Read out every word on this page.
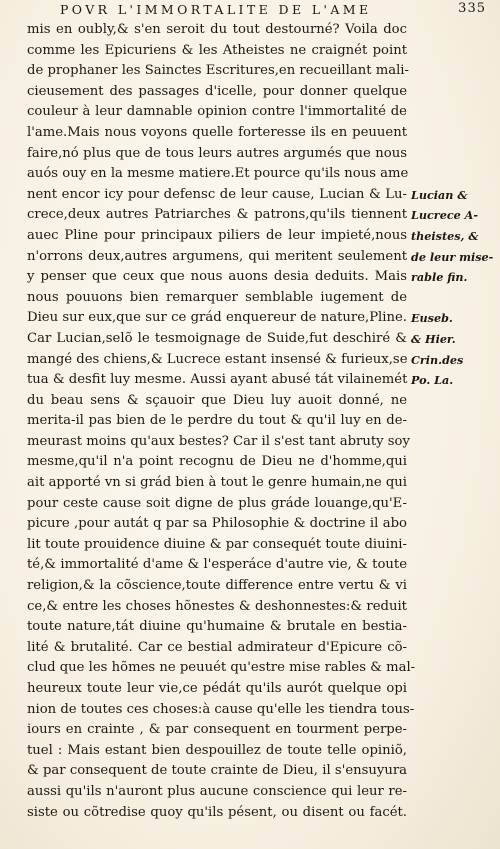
POVR L'IMMORTALITE DE L'AME	335
mis en oubly,& s'en seroit du tout destourné? Voila doc
comme les Epicuriens & les Atheistes ne craignét point
de prophaner les Sainctes Escritures,en recueillant mali-
cieusement des passages d'icelle, pour donner quelque
couleur à leur damnable opinion contre l'immortalité de
l'ame.Mais nous voyons quelle forteresse ils en peuuent
faire,nó plus que de tous leurs autres argumés que nous
auós ouy en la mesme matiere.Et pource qu'ils nous ame
nent encor icy pour defensc de leur cause, Lucian & Lu-
crece,deux autres Patriarches & patrons,qu'ils tiennent
auec Pline pour principaux piliers de leur impieté,nous
n'orrons deux,autres argumens, qui meritent seulement
y penser que ceux que nous auons desia deduits. Mais
nous pouuons bien remarquer semblable iugement de
Dieu sur eux,que sur ce grád enquereur de nature,Pline.
Car Lucian,selõ le tesmoignage de Suide,fut deschiré &
mangé des chiens,& Lucrece estant insensé & furieux,se
tua & desfit luy mesme. Aussi ayant abusé tát vilainemét
du beau sens & sçauoir que Dieu luy auoit donné, ne
merita-il pas bien de le perdre du tout & qu'il luy en de-
meurast moins qu'aux bestes? Car il s'est tant abruty soy
mesme,qu'il n'a point recognu de Dieu ne d'homme,qui
ait apporté vn si grád bien à tout le genre humain,ne qui
pour ceste cause soit digne de plus gráde louange,qu'E-
picure ,pour autát q par sa Philosophie & doctrine il abo
lit toute prouidence diuine & par consequét toute diuini-
té,& immortalité d'ame & l'esperáce d'autre vie, & toute
religion,& la cõscience,toute difference entre vertu & vi
ce,& entre les choses hõnestes & deshonnestes:& reduit
toute nature,tát diuine qu'humaine & brutale en bestia-
lité & brutalité. Car ce bestial admirateur d'Epicure cõ-
clud que les hõmes ne peuuét qu'estre mise rables & mal-
heureux toute leur vie,ce pédát qu'ils aurót quelque opi
nion de toutes ces choses:à cause qu'elle les tiendra tous-
iours en crainte , & par consequent en tourment perpe-
tuel : Mais estant bien despouillez de toute telle opiniõ,
& par consequent de toute crainte de Dieu, il s'ensuyura
aussi qu'ils n'auront plus aucune conscience qui leur re-
siste ou cõtredise quoy qu'ils pésent, ou disent ou facét.
Lucian &
Lucrece A-
theistes, &
de leur mise-
rable fin.
Euseb.
& Hier.
Crin.des
Po. La.
